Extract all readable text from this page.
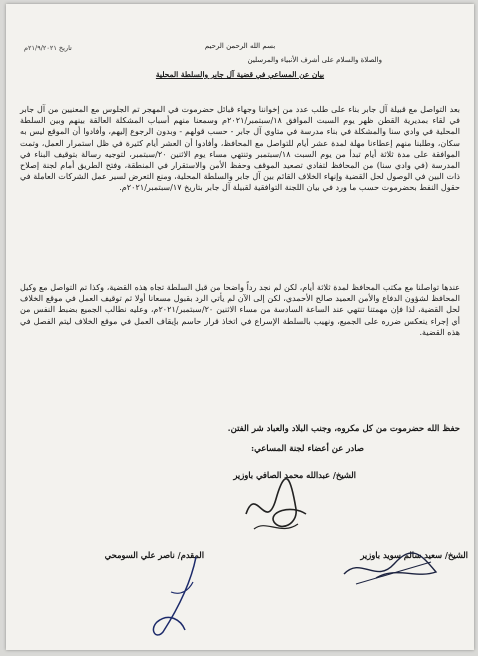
تاريخ ٢١/٩/٢٠٢١م	بسم الله الرحمن الرحيم
والصلاة والسلام على أشرف الأنبياء والمرسلين
بيان عن المساعي في قضية آل جابر والسلطة المحلية
بعد التواصل مع قبيلة آل جابر بناء على طلب عدد من إخواننا وجهاء قبائل حضرموت في المهجر تم الجلوس مع المعنيين من آل جابر في لقاء بمديرية القطن ظهر يوم السبت الموافق ١٨/سبتمبر/٢٠٢١م وسمعنا منهم أسباب المشكلة العالقة بينهم وبين السلطة المحلية في وادي سنا والمشكلة في بناء مدرسة في متاوي آل جابر - حسب قولهم - وبدون الرجوع إليهم، وأفادوا أن الموقع ليس به سكان، وطلبنا منهم إعطاءنا مهلة لمدة عشر أيام للتواصل مع المحافظ، وأفادوا أن العشر أيام كثيرة في ظل استمرار العمل، وتمت الموافقة على مدة ثلاثة أيام تبدأ من يوم السبت ١٨/سبتمبر وتنتهي مساء يوم الاثنين ٢٠/سبتمبر، لتوجيه رسالة بتوقيف البناء في المدرسة (في وادي سنا) من المحافظ لتفادي تصعيد الموقف وحفظ الأمن والاستقرار في المنطقة، وفتح الطريق أمام لجنة إصلاح ذات البين في الوصول لحل القضية وإنهاء الخلاف القائم بين آل جابر والسلطة المحلية، ومنع التعرض لسير عمل الشركات العاملة في حقول النفط بحضرموت حسب ما ورد في بيان اللجنة التوافقية لقبيلة آل جابر بتاريخ ١٧/سبتمبر/٢٠٢١م.
عندها تواصلنا مع مكتب المحافظ لمدة ثلاثة أيام، لكن لم نجد رداً واضحا من قبل السلطة تجاه هذه القضية، وكذا تم التواصل مع وكيل المحافظ لشؤون الدفاع والأمن العميد صالح الأحمدي، لكن إلى الآن لم يأتي الرد بقبول مسعانا أولا ثم توقيف العمل في موقع الخلاف لحل القضية، لذا فإن مهمتنا تنتهي عند الساعة السادسة من مساء الاثنين ٢٠/سبتمبر/٢٠٢١م، وعليه نطالب الجميع بضبط النفس من أي إجراء ينعكس ضرره على الجميع، ونهيب بالسلطة الإسراع في اتخاذ قرار حاسم بإيقاف العمل في موقع الخلاف ليتم الفصل في هذه القضية.
حفظ الله حضرموت من كل مكروه، وجنب البلاد والعباد شر الفتن.
صادر عن أعضاء لجنة المساعي:
الشيخ/ عبدالله محمد الصافي باوزير
الشيخ/ سعيد سالم سويد باوزير
المقدم/ ناصر علي السومحي
